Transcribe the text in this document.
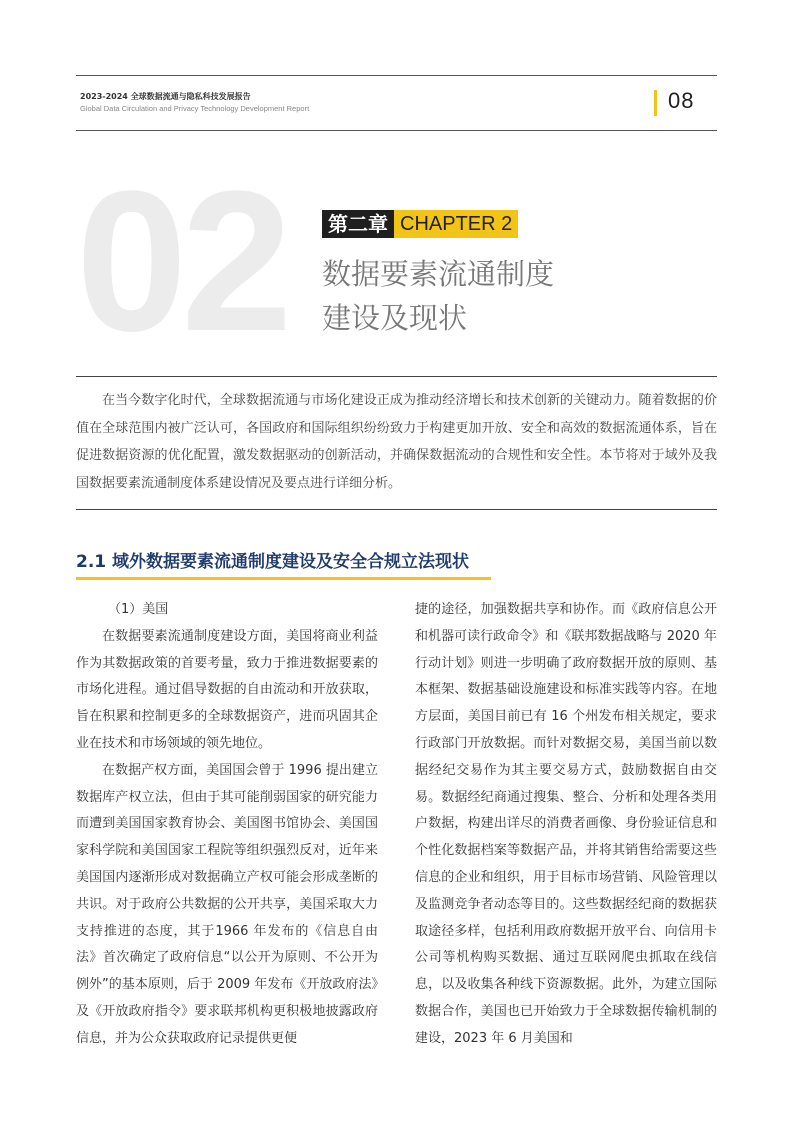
2023-2024 全球数据流通与隐私科技发展报告
Global Data Circulation and Privacy Technology Development Report	08
02	第二章 CHAPTER 2
数据要素流通制度
建设及现状

在当今数字化时代，全球数据流通与市场化建设正成为推动经济增长和技术创新的关键动力。随着数据的价值在全球范围内被广泛认可，各国政府和国际组织纷纷致力于构建更加开放、安全和高效的数据流通体系，旨在促进数据资源的优化配置，激发数据驱动的创新活动，并确保数据流动的合规性和安全性。本节将对于域外及我国数据要素流通制度体系建设情况及要点进行详细分析。

2.1 域外数据要素流通制度建设及安全合规立法现状

（1）美国

在数据要素流通制度建设方面，美国将商业利益作为其数据政策的首要考量，致力于推进数据要素的市场化进程。通过倡导数据的自由流动和开放获取，旨在积累和控制更多的全球数据资产，进而巩固其企业在技术和市场领域的领先地位。

在数据产权方面，美国国会曾于 1996 提出建立数据库产权立法，但由于其可能削弱国家的研究能力而遭到美国国家教育协会、美国图书馆协会、美国国家科学院和美国国家工程院等组织强烈反对，近年来美国国内逐渐形成对数据确立产权可能会形成垄断的共识。对于政府公共数据的公开共享，美国采取大力支持推进的态度，其于1966 年发布的《信息自由法》首次确定了政府信息“以公开为原则、不公开为例外”的基本原则，后于 2009 年发布《开放政府法》及《开放政府指令》要求联邦机构更积极地披露政府信息，并为公众获取政府记录提供更便

捷的途径，加强数据共享和协作。而《政府信息公开和机器可读行政命令》和《联邦数据战略与 2020 年行动计划》则进一步明确了政府数据开放的原则、基本框架、数据基础设施建设和标准实践等内容。在地方层面，美国目前已有 16 个州发布相关规定，要求行政部门开放数据。而针对数据交易，美国当前以数据经纪交易作为其主要交易方式，鼓励数据自由交易。数据经纪商通过搜集、整合、分析和处理各类用户数据，构建出详尽的消费者画像、身份验证信息和个性化数据档案等数据产品，并将其销售给需要这些信息的企业和组织，用于目标市场营销、风险管理以及监测竞争者动态等目的。这些数据经纪商的数据获取途径多样，包括利用政府数据开放平台、向信用卡公司等机构购买数据、通过互联网爬虫抓取在线信息，以及收集各种线下资源数据。此外，为建立国际数据合作，美国也已开始致力于全球数据传输机制的建设，2023 年 6 月美国和
